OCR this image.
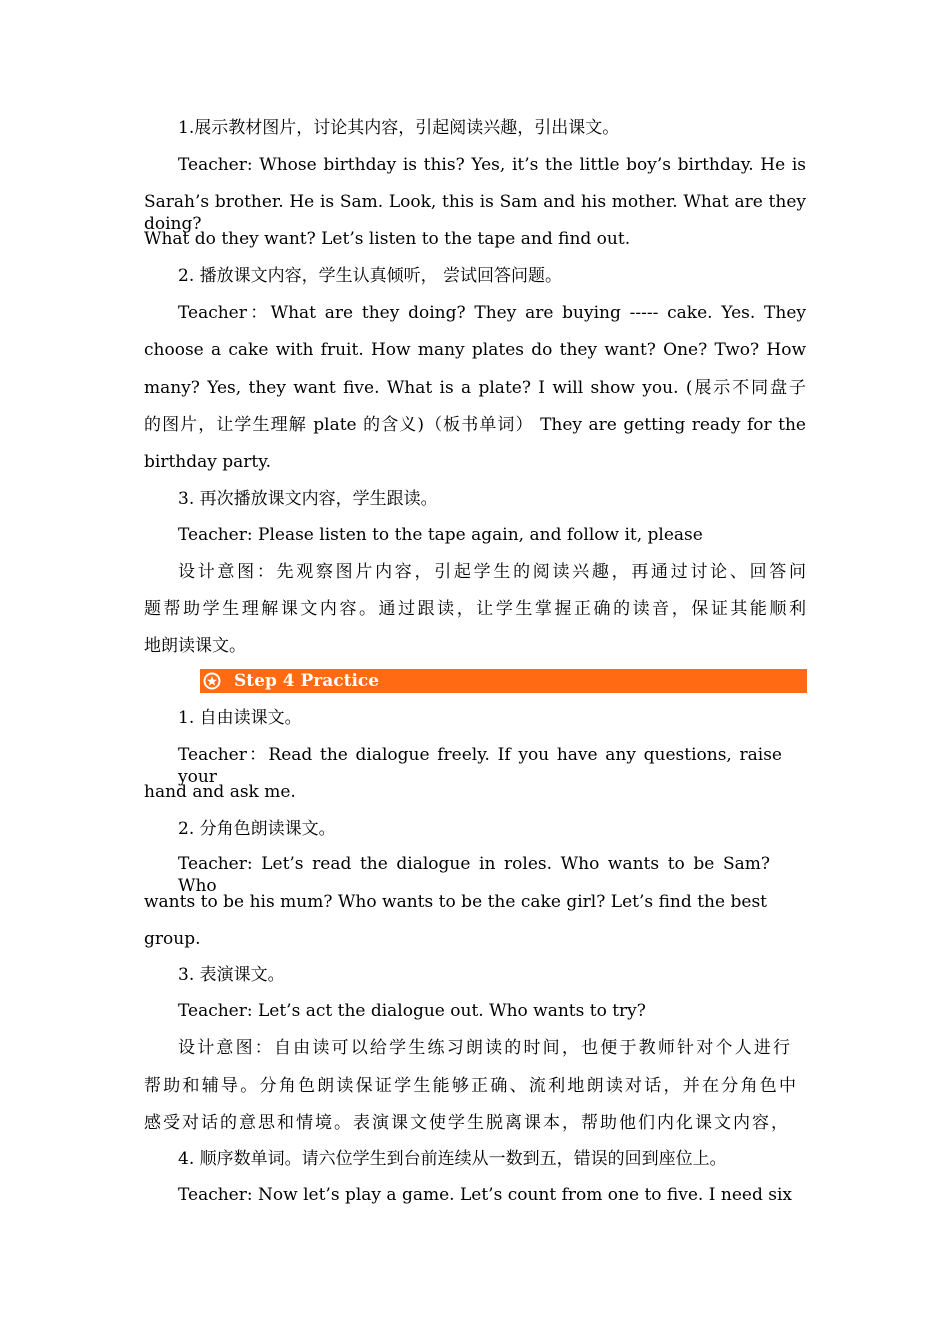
1.展示教材图片，讨论其内容，引起阅读兴趣，引出课文。
Teacher: Whose birthday is this? Yes, it’s the little boy’s birthday. He is
Sarah’s brother. He is Sam. Look, this is Sam and his mother. What are they doing?
What do they want? Let’s listen to the tape and find out.
2. 播放课文内容，学生认真倾听， 尝试回答问题。
Teacher：What are they doing? They are buying ----- cake. Yes. They
choose a cake with fruit. How many plates do they want? One? Two? How
many? Yes, they want five. What is a plate? I will show you. (展示不同盘子
的图片，让学生理解 plate 的含义)（板书单词） They are getting ready for the
birthday party.
3. 再次播放课文内容，学生跟读。
Teacher: Please listen to the tape again, and follow it, please
设计意图：先观察图片内容，引起学生的阅读兴趣，再通过讨论、回答问
题帮助学生理解课文内容。通过跟读，让学生掌握正确的读音，保证其能顺利
地朗读课文。
Step 4 Practice
1. 自由读课文。
Teacher：Read the dialogue freely. If you have any questions, raise your
hand and ask me.
2. 分角色朗读课文。
Teacher: Let’s read the dialogue in roles. Who wants to be Sam? Who
wants to be his mum? Who wants to be the cake girl? Let’s find the best
group.
3. 表演课文。
Teacher: Let’s act the dialogue out. Who wants to try?
设计意图：自由读可以给学生练习朗读的时间，也便于教师针对个人进行
帮助和辅导。分角色朗读保证学生能够正确、流利地朗读对话，并在分角色中
感受对话的意思和情境。表演课文使学生脱离课本，帮助他们内化课文内容，
4. 顺序数单词。请六位学生到台前连续从一数到五，错误的回到座位上。
Teacher: Now let’s play a game. Let’s count from one to five. I need six
